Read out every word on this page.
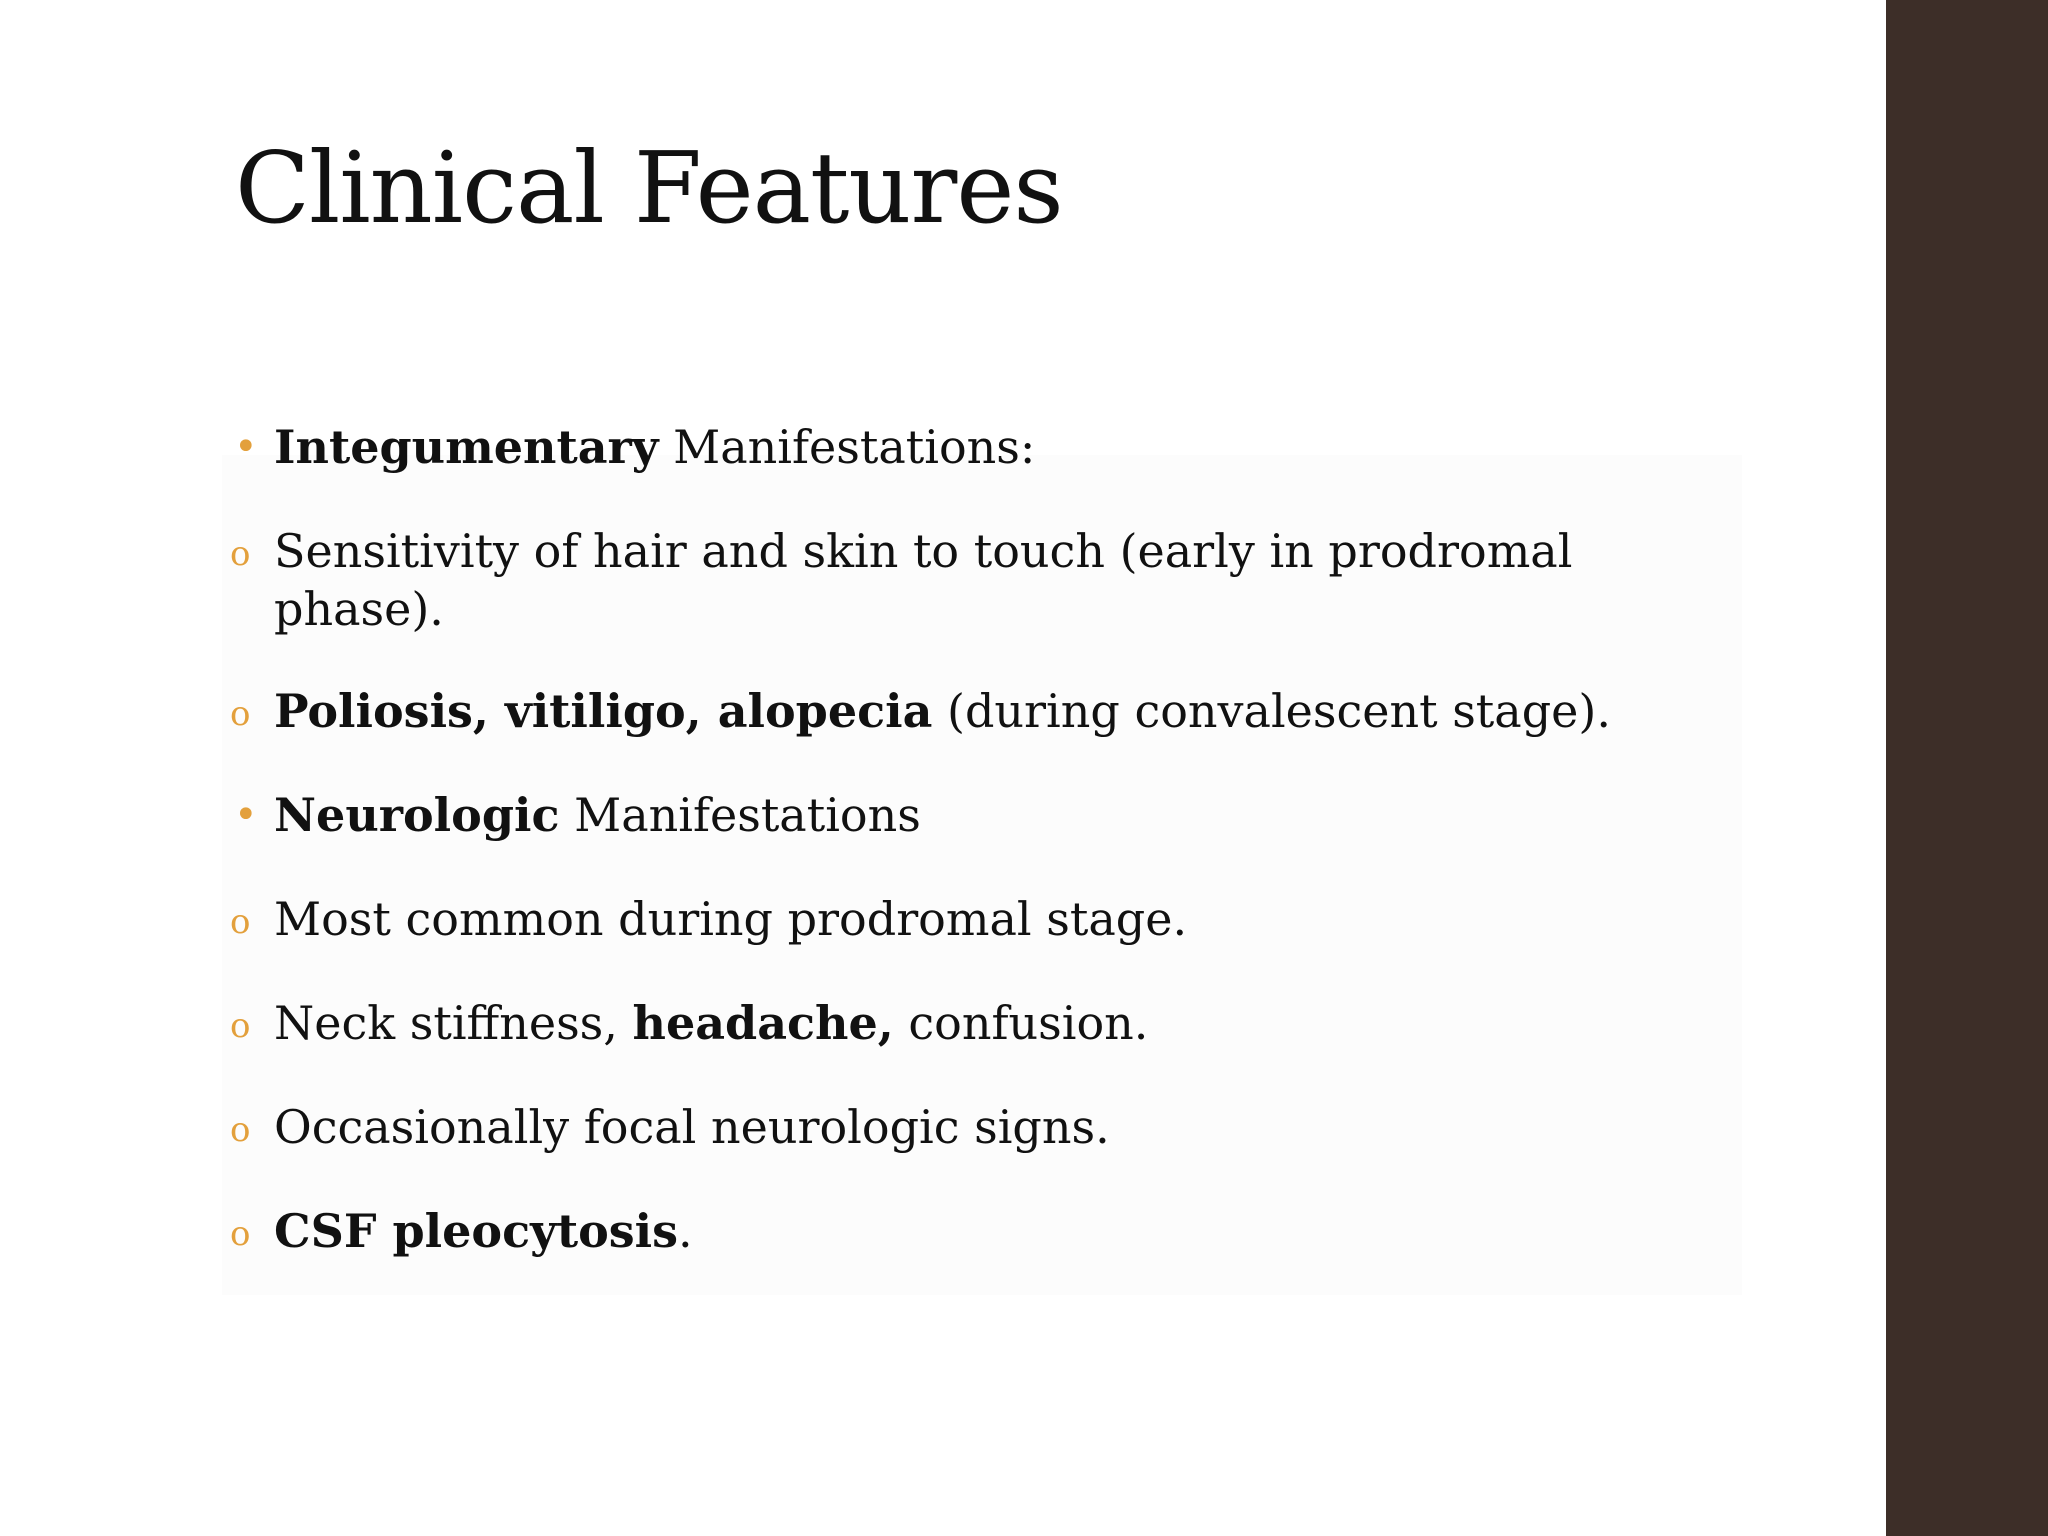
Clinical Features
• Integumentary Manifestations:
o Sensitivity of hair and skin to touch (early in prodromal phase).
o Poliosis, vitiligo, alopecia (during convalescent stage).
• Neurologic Manifestations
o Most common during prodromal stage.
o Neck stiffness, headache, confusion.
o Occasionally focal neurologic signs.
o CSF pleocytosis.
